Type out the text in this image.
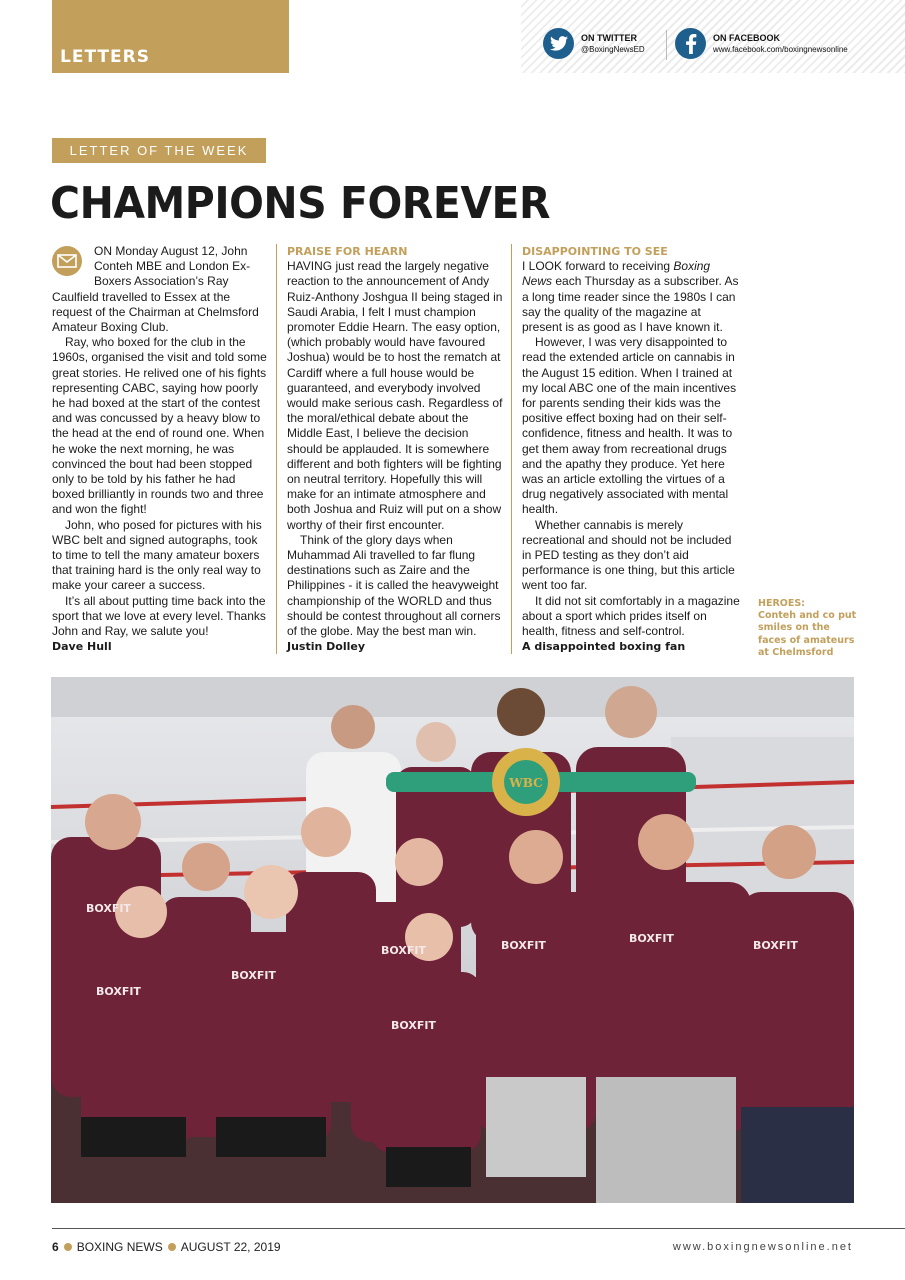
LETTERS
ON TWITTER
@BoxingNewsED
ON FACEBOOK
www.facebook.com/boxingnewsonline
LETTER OF THE WEEK
CHAMPIONS FOREVER

ON Monday August 12, John Conteh MBE and London Ex-Boxers Association’s Ray Caulfield travelled to Essex at the request of the Chairman at Chelmsford Amateur Boxing Club.

Ray, who boxed for the club in the 1960s, organised the visit and told some great stories. He relived one of his fights representing CABC, saying how poorly he had boxed at the start of the contest and was concussed by a heavy blow to the head at the end of round one. When he woke the next morning, he was convinced the bout had been stopped only to be told by his father he had boxed brilliantly in rounds two and three and won the fight!

John, who posed for pictures with his WBC belt and signed autographs, took to time to tell the many amateur boxers that training hard is the only real way to make your career a success.

It’s all about putting time back into the sport that we love at every level. Thanks John and Ray, we salute you!

Dave Hull

PRAISE FOR HEARN

HAVING just read the largely negative reaction to the announcement of Andy Ruiz-Anthony Joshgua II being staged in Saudi Arabia, I felt I must champion promoter Eddie Hearn. The easy option, (which probably would have favoured Joshua) would be to host the rematch at Cardiff where a full house would be guaranteed, and everybody involved would make serious cash. Regardless of the moral/ethical debate about the Middle East, I believe the decision should be applauded. It is somewhere different and both fighters will be fighting on neutral territory. Hopefully this will make for an intimate atmosphere and both Joshua and Ruiz will put on a show worthy of their first encounter.

Think of the glory days when Muhammad Ali travelled to far flung destinations such as Zaire and the Philippines - it is called the heavyweight championship of the WORLD and thus should be contest throughout all corners of the globe. May the best man win.

Justin Dolley

DISAPPOINTING TO SEE

I LOOK forward to receiving Boxing News each Thursday as a subscriber. As a long time reader since the 1980s I can say the quality of the magazine at present is as good as I have known it.

However, I was very disappointed to read the extended article on cannabis in the August 15 edition. When I trained at my local ABC one of the main incentives for parents sending their kids was the positive effect boxing had on their self-confidence, fitness and health. It was to get them away from recreational drugs and the apathy they produce. Yet here was an article extolling the virtues of a drug negatively associated with mental health.

Whether cannabis is merely recreational and should not be included in PED testing as they don’t aid performance is one thing, but this article went too far.

It did not sit comfortably in a magazine about a sport which prides itself on health, fitness and self-control.

A disappointed boxing fan

HEROES:
Conteh and co put smiles on the faces of amateurs at Chelmsford
WBC
BOXFIT
BOXFIT
BOXFIT	BOXFIT
BOXFIT
BOXFIT
BOXFIT
BOXFIT
6 BOXING NEWS AUGUST 22, 2019	www.boxingnewsonline.net
